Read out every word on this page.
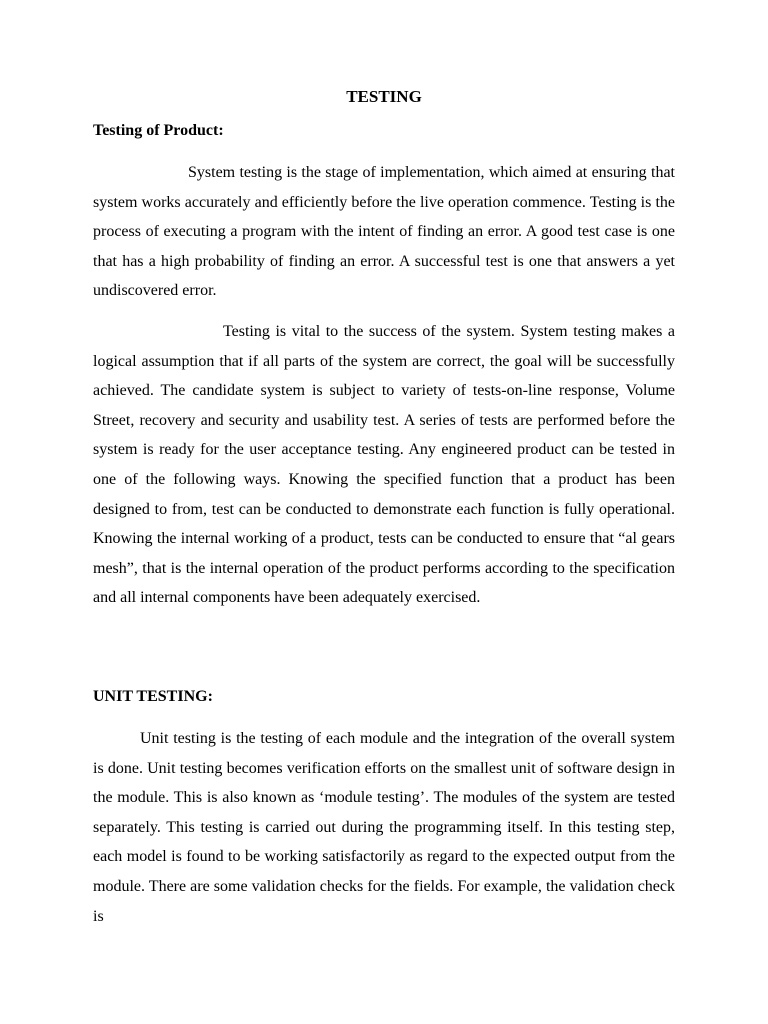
TESTING
Testing of Product:

System testing is the stage of implementation, which aimed at ensuring that system works accurately and efficiently before the live operation commence. Testing is the process of executing a program with the intent of finding an error. A good test case is one that has a high probability of finding an error. A successful test is one that answers a yet undiscovered error.

Testing is vital to the success of the system. System testing makes a logical assumption that if all parts of the system are correct, the goal will be successfully achieved. The candidate system is subject to variety of tests-on-line response, Volume Street, recovery and security and usability test. A series of tests are performed before the system is ready for the user acceptance testing. Any engineered product can be tested in one of the following ways. Knowing the specified function that a product has been designed to from, test can be conducted to demonstrate each function is fully operational. Knowing the internal working of a product, tests can be conducted to ensure that “al gears mesh”, that is the internal operation of the product performs according to the specification and all internal components have been adequately exercised.

UNIT TESTING:

Unit testing is the testing of each module and the integration of the overall system is done. Unit testing becomes verification efforts on the smallest unit of software design in the module. This is also known as ‘module testing’. The modules of the system are tested separately. This testing is carried out during the programming itself. In this testing step, each model is found to be working satisfactorily as regard to the expected output from the module. There are some validation checks for the fields. For example, the validation check is
